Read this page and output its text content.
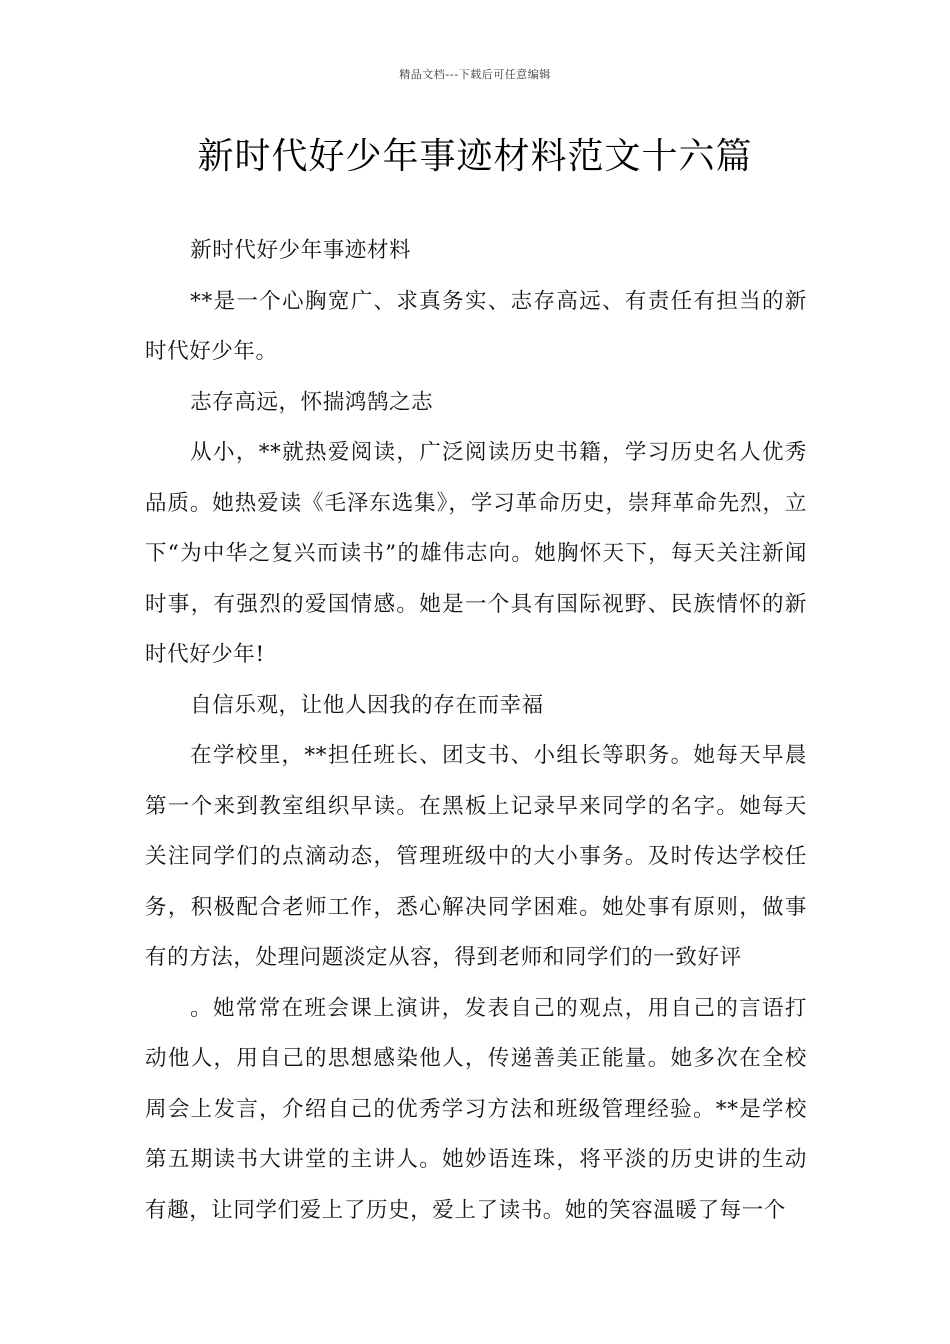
精品文档---下载后可任意编辑
新时代好少年事迹材料范文十六篇

新时代好少年事迹材料

**是一个心胸宽广、求真务实、志存高远、有责任有担当的新时代好少年。

志存高远，怀揣鸿鹄之志

从小，**就热爱阅读，广泛阅读历史书籍，学习历史名人优秀品质。她热爱读《毛泽东选集》，学习革命历史，崇拜革命先烈，立下“为中华之复兴而读书”的雄伟志向。她胸怀天下，每天关注新闻时事，有强烈的爱国情感。她是一个具有国际视野、民族情怀的新时代好少年!

自信乐观，让他人因我的存在而幸福

在学校里，**担任班长、团支书、小组长等职务。她每天早晨第一个来到教室组织早读。在黑板上记录早来同学的名字。她每天关注同学们的点滴动态，管理班级中的大小事务。及时传达学校任务，积极配合老师工作，悉心解决同学困难。她处事有原则，做事有的方法，处理问题淡定从容，得到老师和同学们的一致好评

。她常常在班会课上演讲，发表自己的观点，用自己的言语打动他人，用自己的思想感染他人，传递善美正能量。她多次在全校周会上发言，介绍自己的优秀学习方法和班级管理经验。**是学校第五期读书大讲堂的主讲人。她妙语连珠，将平淡的历史讲的生动有趣，让同学们爱上了历史，爱上了读书。她的笑容温暖了每一个
